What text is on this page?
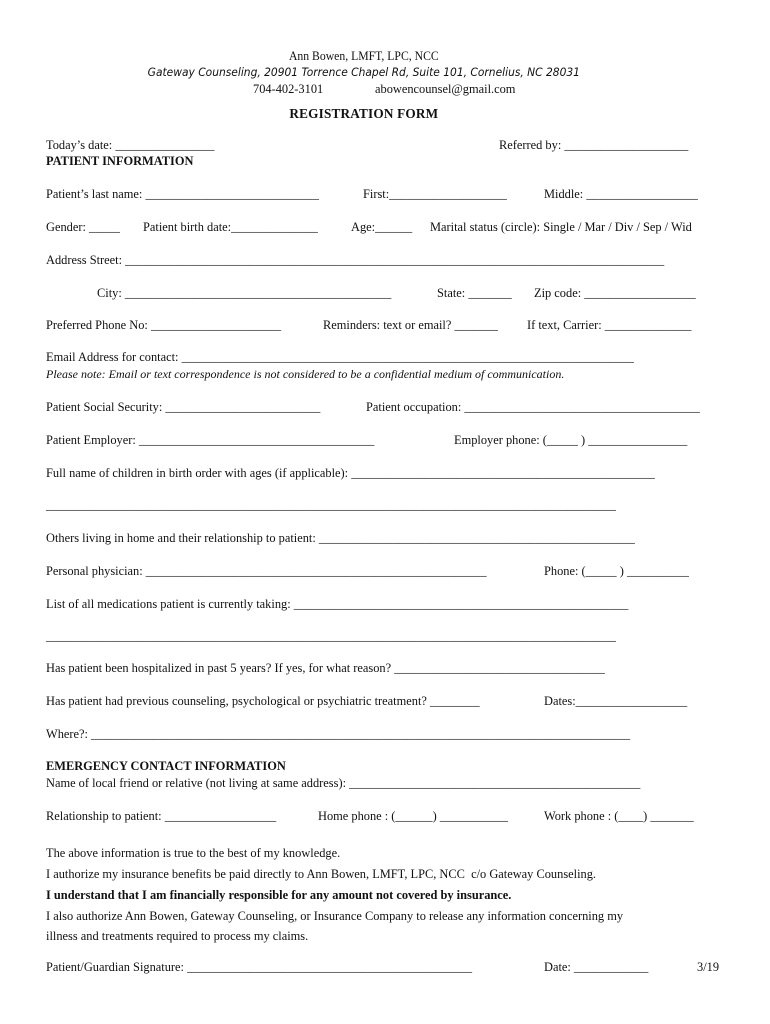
Ann Bowen, LMFT, LPC, NCC
Gateway Counseling, 20901 Torrence Chapel Rd, Suite 101, Cornelius, NC 28031
704-402-3101	abowencounsel@gmail.com
REGISTRATION FORM
Today’s date: ________________	Referred by: ____________________
PATIENT INFORMATION
Patient’s last name: ____________________________	First:___________________	Middle: __________________
Gender: _____ Patient birth date:______________	Age:______ Marital status (circle): Single / Mar / Div / Sep / Wid
Address Street: _______________________________________________________________________________________
City: ___________________________________________	State: _______ Zip code: __________________
Preferred Phone No: _____________________	Reminders: text or email? _______ If text, Carrier: ______________
Email Address for contact: _________________________________________________________________________
Please note: Email or text correspondence is not considered to be a confidential medium of communication.
Patient Social Security: _________________________	Patient occupation: ______________________________________
Patient Employer: ______________________________________	Employer phone: (_____ ) ________________
Full name of children in birth order with ages (if applicable): _________________________________________________
____________________________________________________________________________________________
Others living in home and their relationship to patient: ___________________________________________________
Personal physician: _______________________________________________________	Phone: (_____ ) __________
List of all medications patient is currently taking: ______________________________________________________
____________________________________________________________________________________________
Has patient been hospitalized in past 5 years? If yes, for what reason? __________________________________
Has patient had previous counseling, psychological or psychiatric treatment? ________	Dates:__________________
Where?: _______________________________________________________________________________________
EMERGENCY CONTACT INFORMATION
Name of local friend or relative (not living at same address): _______________________________________________
Relationship to patient: __________________	Home phone : (______) ___________	Work phone : (____) _______
The above information is true to the best of my knowledge.
I authorize my insurance benefits be paid directly to Ann Bowen, LMFT, LPC, NCC  c/o Gateway Counseling.
I understand that I am financially responsible for any amount not covered by insurance.
I also authorize Ann Bowen, Gateway Counseling, or Insurance Company to release any information concerning my
illness and treatments required to process my claims.
Patient/Guardian Signature: ______________________________________________	Date: ____________	3/19
